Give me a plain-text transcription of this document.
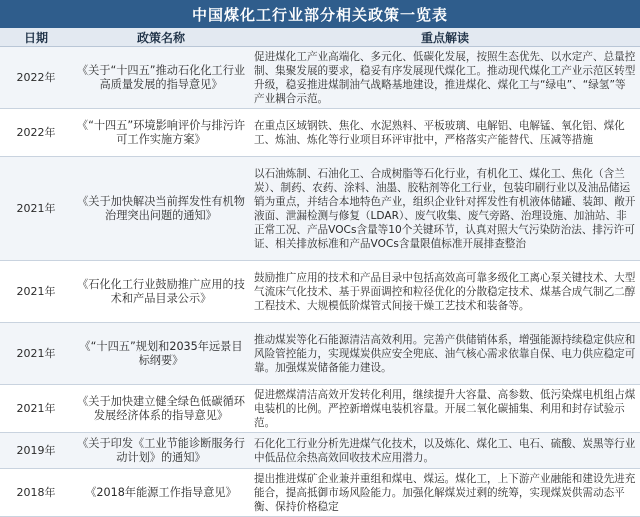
中国煤化工行业部分相关政策一览表
日期	政策名称	重点解读
2022年	《关于“十四五”推动石化化工行业高质量发展的指导意见》	促进煤化工产业高端化、多元化、低碳化发展，按照生态优先、以水定产、总量控制、集聚发展的要求，稳妥有序发展现代煤化工。推动现代煤化工产业示范区转型升级，稳妥推进煤制油气战略基地建设，推进煤化、煤化工与“绿电”、“绿氢”等产业耦合示范。
2022年	《“十四五”环境影响评价与排污许可工作实施方案》	在重点区域钢铁、焦化、水泥熟料、平板玻璃、电解铝、电解锰、氧化铝、煤化工、炼油、炼化等行业项目环评审批中，严格落实产能替代、压减等措施
2021年	《关于加快解决当前挥发性有机物治理突出问题的通知》	以石油炼制、石油化工、合成树脂等石化行业，有机化工、煤化工、焦化（含兰炭）、制药、农药、涂料、油墨、胶粘剂等化工行业，包装印刷行业以及油品储运销为重点，并结合本地特色产业，组织企业针对挥发性有机液体储罐、装卸、敞开液面、泄漏检测与修复（LDAR）、废气收集、废气旁路、治理设施、加油站、非正常工况、产品VOCs含量等10个关键环节，认真对照大气污染防治法、排污许可证、相关排放标准和产品VOCs含量限值标准开展排查整治
2021年	《石化化工行业鼓励推广应用的技术和产品目录公示》	鼓励推广应用的技术和产品目录中包括高效高可靠多级化工离心泵关键技术、大型气流床气化技术、基于界面调控和粒径优化的分散稳定技术、煤基合成气制乙二醇工程技术、大规模低阶煤管式间接干燥工艺技术和装备等。
2021年	《“十四五”规划和2035年远景目标纲要》	推动煤炭等化石能源清洁高效利用。完善产供储销体系，增强能源持续稳定供应和风险管控能力，实现煤炭供应安全兜底、油气核心需求依靠自保、电力供应稳定可靠。加强煤炭储备能力建设。
2021年	《关于加快建立健全绿色低碳循环发展经济体系的指导意见》	促进燃煤清洁高效开发转化利用，继续提升大容量、高参数、低污染煤电机组占煤电装机的比例。严控新增煤电装机容量。开展二氧化碳捕集、利用和封存试验示范。
2019年	《关于印发《工业节能诊断服务行动计划》的通知》	石化化工行业分析先进煤气化技术，以及炼化、煤化工、电石、硫酸、炭黑等行业中低品位余热高效回收技术应用潜力。
2018年	《2018年能源工作指导意见》	提出推进煤矿企业兼并重组和煤电、煤运。煤化工，上下游产业融能和建设先进充能合，提高抵御市场风险能力。加强化解煤炭过剩的统筹，实现煤炭供需动态平衡、保持价格稳定
